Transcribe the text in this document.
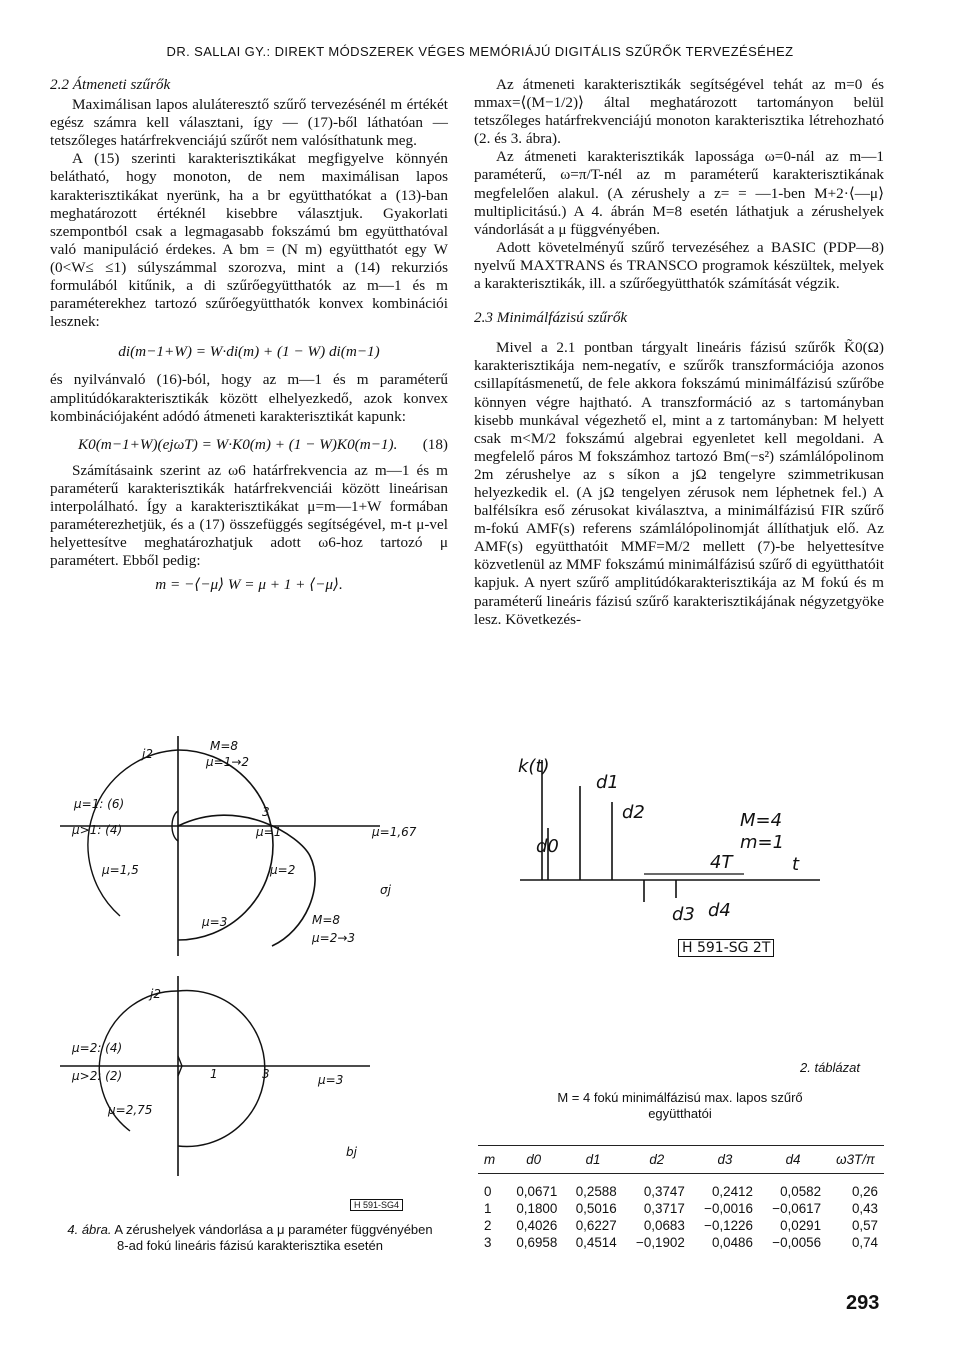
DR. SALLAI GY.: DIREKT MÓDSZEREK VÉGES MEMÓRIÁJÚ DIGITÁLIS SZŰRŐK TERVEZÉSÉHEZ

2.2 Átmeneti szűrők

Maximálisan lapos aluláteresztő szűrő tervezésénél m értékét egész számra kell választani, így — (17)-ből láthatóan — tetszőleges határfrekvenciájú szűrőt nem valósíthatunk meg.

A (15) szerinti karakterisztikákat megfigyelve könnyén belátható, hogy monoton, de nem maximálisan lapos karakterisztikákat nyerünk, ha a br együtthatókat a (13)-ban meghatározott értéknél kisebbre választjuk. Gyakorlati szempontból csak a legmagasabb fokszámú bm együtthatóval való manipuláció érdekes. A bm = (N m) együtthatót egy W (0<W≤ ≤1) súlyszámmal szorozva, mint a (14) rekurziós formulából kitűnik, a di szűrőegyütthatók az m—1 és m paraméterekhez tartozó szűrőegyütthatók konvex kombinációi lesznek:

di(m−1+W) = W·di(m) + (1 − W) di(m−1)

és nyilvánvaló (16)-ból, hogy az m—1 és m paraméterű amplitúdókarakterisztikák között elhelyezkedő, azok konvex kombinációjaként adódó átmeneti karakterisztikát kapunk:

K0(m−1+W)(ejωT) = W·K0(m) + (1 − W)K0(m−1). (18)

Számításaink szerint az ω6 határfrekvencia az m—1 és m paraméterű karakterisztikák határfrekvenciái között lineárisan interpolálható. Így a karakterisztikákat μ=m—1+W formában paraméterezhetjük, és a (17) összefüggés segítségével, m-t μ-vel helyettesítve meghatározhatjuk adott ω6-hoz tartozó μ paramétert. Ebből pedig:

m = −⟨−μ⟩ W = μ + 1 + ⟨−μ⟩.

Az átmeneti karakterisztikák segítségével tehát az m=0 és mmax=⟨(M−1/2)⟩ által meghatározott tartományon belül tetszőleges határfrekvenciájú monoton karakterisztika létrehozható (2. és 3. ábra).

Az átmeneti karakterisztikák lapossága ω=0-nál az m—1 paraméterű, ω=π/T-nél az m paraméterű karakterisztikának megfelelően alakul. (A zérushely a z= = —1-ben M+2·⟨—μ⟩ multiplicitású.) A 4. ábrán M=8 esetén láthatjuk a zérushelyek vándorlását a μ függvényében.

Adott követelményű szűrő tervezéséhez a BASIC (PDP—8) nyelvű MAXTRANS és TRANSCO programok készültek, melyek a karakterisztikák, ill. a szűrőegyütthatók számítását végzik.

2.3 Minimálfázisú szűrők

Mivel a 2.1 pontban tárgyalt lineáris fázisú szűrők K̃0(Ω) karakterisztikája nem-negatív, e szűrők transzformációja azonos csillapításmenetű, de fele akkora fokszámú minimálfázisú szűrőbe könnyen végre hajtható. A transzformáció az s tartományban kisebb munkával végezhető el, mint a z tartományban: M helyett csak m<M/2 fokszámú algebrai egyenletet kell megoldani. A megfelelő páros M fokszámhoz tartozó Bm(−s²) számlálópolinom 2m zérushelye az s síkon a jΩ tengelyre szimmetrikusan helyezkedik el. (A jΩ tengelyen zérusok nem léphetnek fel.) A balfélsíkra eső zérusokat kiválasztva, a minimálfázisú FIR szűrő m-fokú AMF(s) referens számlálópolinomját állíthatjuk elő. Az AMF(s) együtthatóit MMF=M/2 mellett (7)-be helyettesítve közvetlenül az MMF fokszámú minimálfázisú szűrő di együtthatóit kapjuk. A nyert szűrő amplitúdókarakterisztikája az M fokú és m paraméterű lineáris fázisú szűrő karakterisztikájának négyzetgyöke lesz. Következés-

j2
M=8
μ=1→2
μ=1: (6)
μ>1: (4)
3
μ=1	μ=1,67
μ=1,5	μ=2
σj
μ=3	M=8
μ=2→3
j2
μ=2: (4)
μ>2: (2)	1	3	μ=3
μ=2,75
bj
H 591-SG4
4. ábra. A zérushelyek vándorlása a μ paraméter függvényében 8-ad fokú lineáris fázisú karakterisztika esetén
k(t)
d1
d2	M=4
m=1
d0
4T	t
d3 d4
H 591-SG 2T
2. táblázat
M = 4 fokú minimálfázisú max. lapos szűrő együtthatói
m	d0	d1	d2	d3	d4	ω3T/π
0	0,0671	0,2588	0,3747	0,2412	0,0582	0,26
1	0,1800	0,5016	0,3717	−0,0016	−0,0617	0,43
2	0,4026	0,6227	0,0683	−0,1226	0,0291	0,57
3	0,6958	0,4514	−0,1902	0,0486	−0,0056	0,74
293
